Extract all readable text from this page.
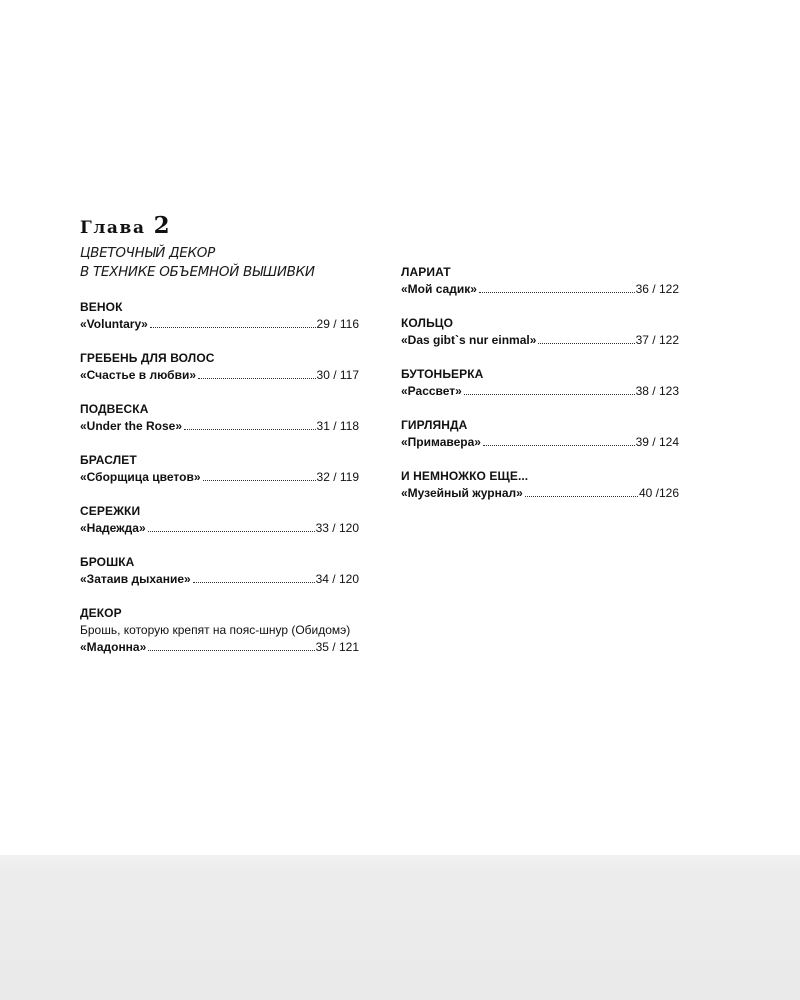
Глава 2
ЦВЕТОЧНЫЙ ДЕКОР
В ТЕХНИКЕ ОБЪЕМНОЙ ВЫШИВКИ
ВЕНОК
«Voluntary»	29 / 116
ГРЕБЕНЬ ДЛЯ ВОЛОС
«Счастье в любви»	30 / 117
ПОДВЕСКА
«Under the Rose»	31 / 118
БРАСЛЕТ
«Сборщица цветов»	32 / 119
СЕРЕЖКИ
«Надежда»	33 / 120
БРОШКА
«Затаив дыхание»	34 / 120
ДЕКОР
Брошь, которую крепят на пояс-шнур (Обидомэ)
«Мадонна»	35 / 121
ЛАРИАТ
«Мой садик»	36 / 122
КОЛЬЦО
«Das gibt`s nur einmal»	37 / 122
БУТОНЬЕРКА
«Рассвет»	38 / 123
ГИРЛЯНДА
«Примавера»	39 / 124
И НЕМНОЖКО ЕЩЕ...
«Музейный журнал»	40 /126
